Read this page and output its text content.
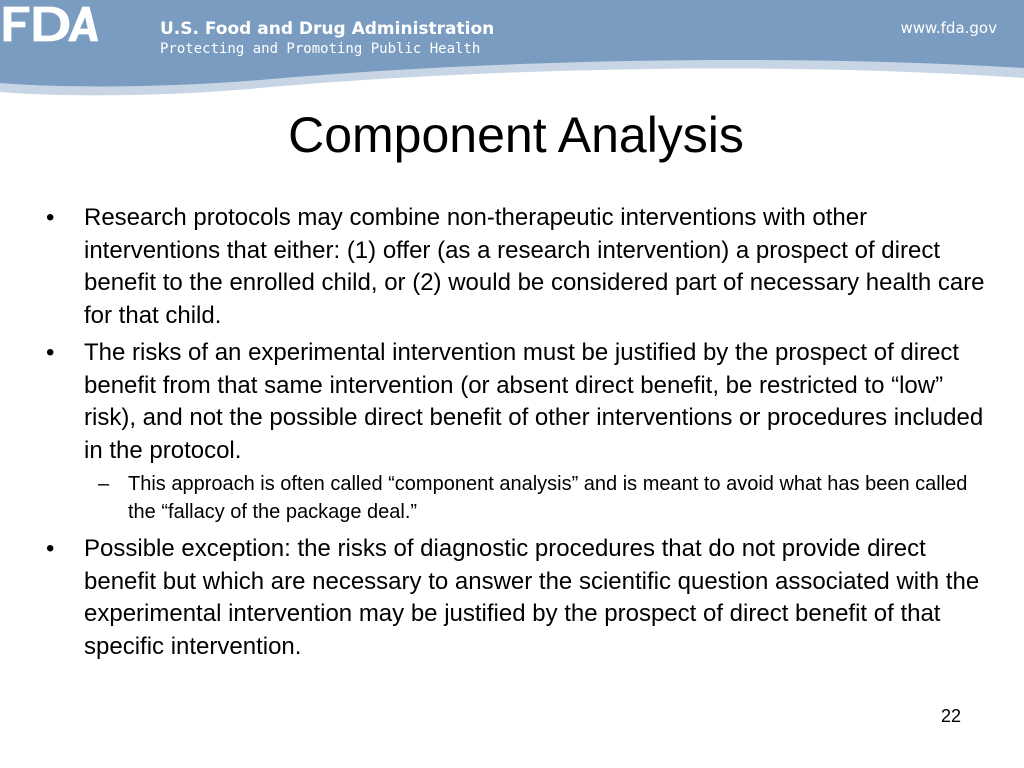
U.S. Food and Drug Administration
Protecting and Promoting Public Health
www.fda.gov
Component Analysis
• Research protocols may combine non-therapeutic interventions with other interventions that either: (1) offer (as a research intervention) a prospect of direct benefit to the enrolled child, or (2) would be considered part of necessary health care for that child.
• The risks of an experimental intervention must be justified by the prospect of direct benefit from that same intervention (or absent direct benefit, be restricted to “low” risk), and not the possible direct benefit of other interventions or procedures included in the protocol.
– This approach is often called “component analysis” and is meant to avoid what has been called the “fallacy of the package deal.”
• Possible exception: the risks of diagnostic procedures that do not provide direct benefit but which are necessary to answer the scientific question associated with the experimental intervention may be justified by the prospect of direct benefit of that specific intervention.
22
